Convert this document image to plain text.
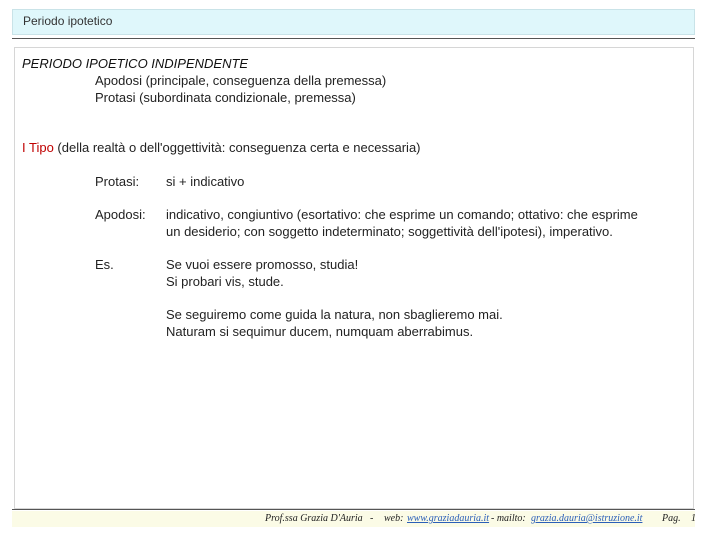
Periodo ipotetico
PERIODO IPOETICO INDIPENDENTE
Apodosi (principale, conseguenza della premessa)
Protasi (subordinata condizionale, premessa)
I Tipo (della realtà o dell'oggettività: conseguenza certa e necessaria)
Protasi: si + indicativo
Apodosi: indicativo, congiuntivo (esortativo: che esprime un comando; ottativo: che esprime
un desiderio; con soggetto indeterminato; soggettività dell'ipotesi), imperativo.
Es.	Se vuoi essere promosso, studia!
Si probari vis, stude.
Se seguiremo come guida la natura, non sbaglieremo mai.
Naturam si sequimur ducem, numquam aberrabimus.
Prof.ssa Grazia D'Auria - web: www.graziadauria.it - mailto: grazia.dauria@istruzione.it Pag. 1
